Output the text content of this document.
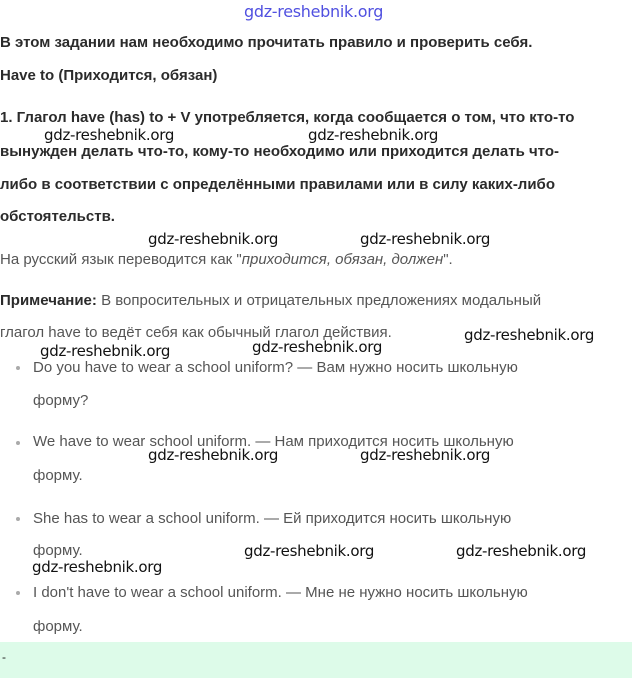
gdz-reshebnik.org
В этом задании нам необходимо прочитать правило и проверить себя.
Have to (Приходится, обязан)
1. Глагол have (has) to + V употребляется, когда сообщается о том, что кто-то
вынужден делать что-то, кому-то необходимо или приходится делать что-
либо в соответствии с определёнными правилами или в силу каких-либо
обстоятельств.
На русский язык переводится как "приходится, обязан, должен".
Примечание: В вопросительных и отрицательных предложениях модальный
глагол have to ведёт себя как обычный глагол действия.
Do you have to wear a school uniform? — Вам нужно носить школьную
форму?
We have to wear school uniform. — Нам приходится носить школьную
форму.
She has to wear a school uniform. — Ей приходится носить школьную
форму.
I don't have to wear a school uniform. — Мне не нужно носить школьную
форму.
gdz-reshebnik.org	gdz-reshebnik.org
gdz-reshebnik.org	gdz-reshebnik.org
gdz-reshebnik.org
gdz-reshebnik.org	gdz-reshebnik.org
gdz-reshebnik.org	gdz-reshebnik.org
gdz-reshebnik.org	gdz-reshebnik.org
gdz-reshebnik.org
-
